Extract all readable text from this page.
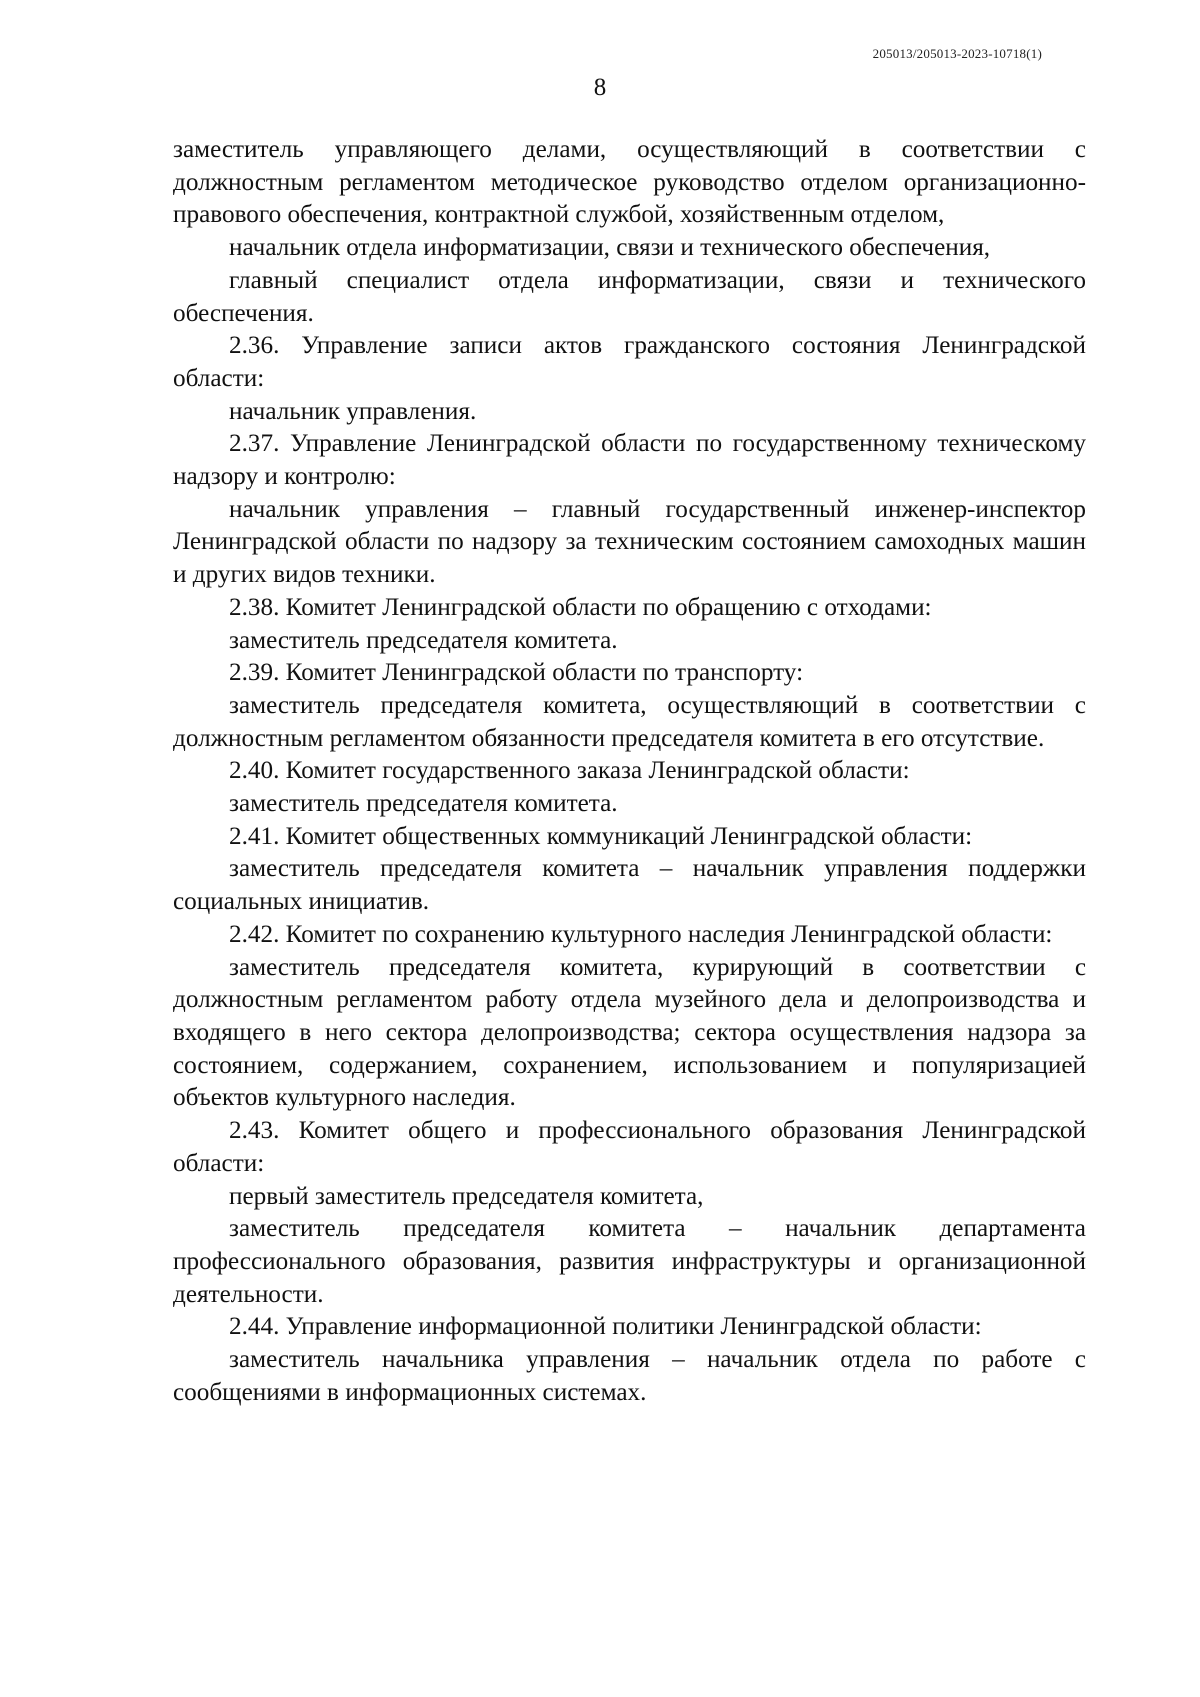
205013/205013-2023-10718(1)
8

заместитель управляющего делами, осуществляющий в соответствии с должностным регламентом методическое руководство отделом организационно-правового обеспечения, контрактной службой, хозяйственным отделом,

начальник отдела информатизации, связи и технического обеспечения,

главный специалист отдела информатизации, связи и технического обеспечения.

2.36. Управление записи актов гражданского состояния Ленинградской области:

начальник управления.

2.37. Управление Ленинградской области по государственному техническому надзору и контролю:

начальник управления – главный государственный инженер-инспектор Ленинградской области по надзору за техническим состоянием самоходных машин и других видов техники.

2.38. Комитет Ленинградской области по обращению с отходами:

заместитель председателя комитета.

2.39. Комитет Ленинградской области по транспорту:

заместитель председателя комитета, осуществляющий в соответствии с должностным регламентом обязанности председателя комитета в его отсутствие.

2.40. Комитет государственного заказа Ленинградской области:

заместитель председателя комитета.

2.41. Комитет общественных коммуникаций Ленинградской области:

заместитель председателя комитета – начальник управления поддержки социальных инициатив.

2.42. Комитет по сохранению культурного наследия Ленинградской области:

заместитель председателя комитета, курирующий в соответствии с должностным регламентом работу отдела музейного дела и делопроизводства и входящего в него сектора делопроизводства; сектора осуществления надзора за состоянием, содержанием, сохранением, использованием и популяризацией объектов культурного наследия.

2.43. Комитет общего и профессионального образования Ленинградской области:

первый заместитель председателя комитета,

заместитель председателя комитета – начальник департамента профессионального образования, развития инфраструктуры и организационной деятельности.

2.44. Управление информационной политики Ленинградской области:

заместитель начальника управления – начальник отдела по работе с сообщениями в информационных системах.
